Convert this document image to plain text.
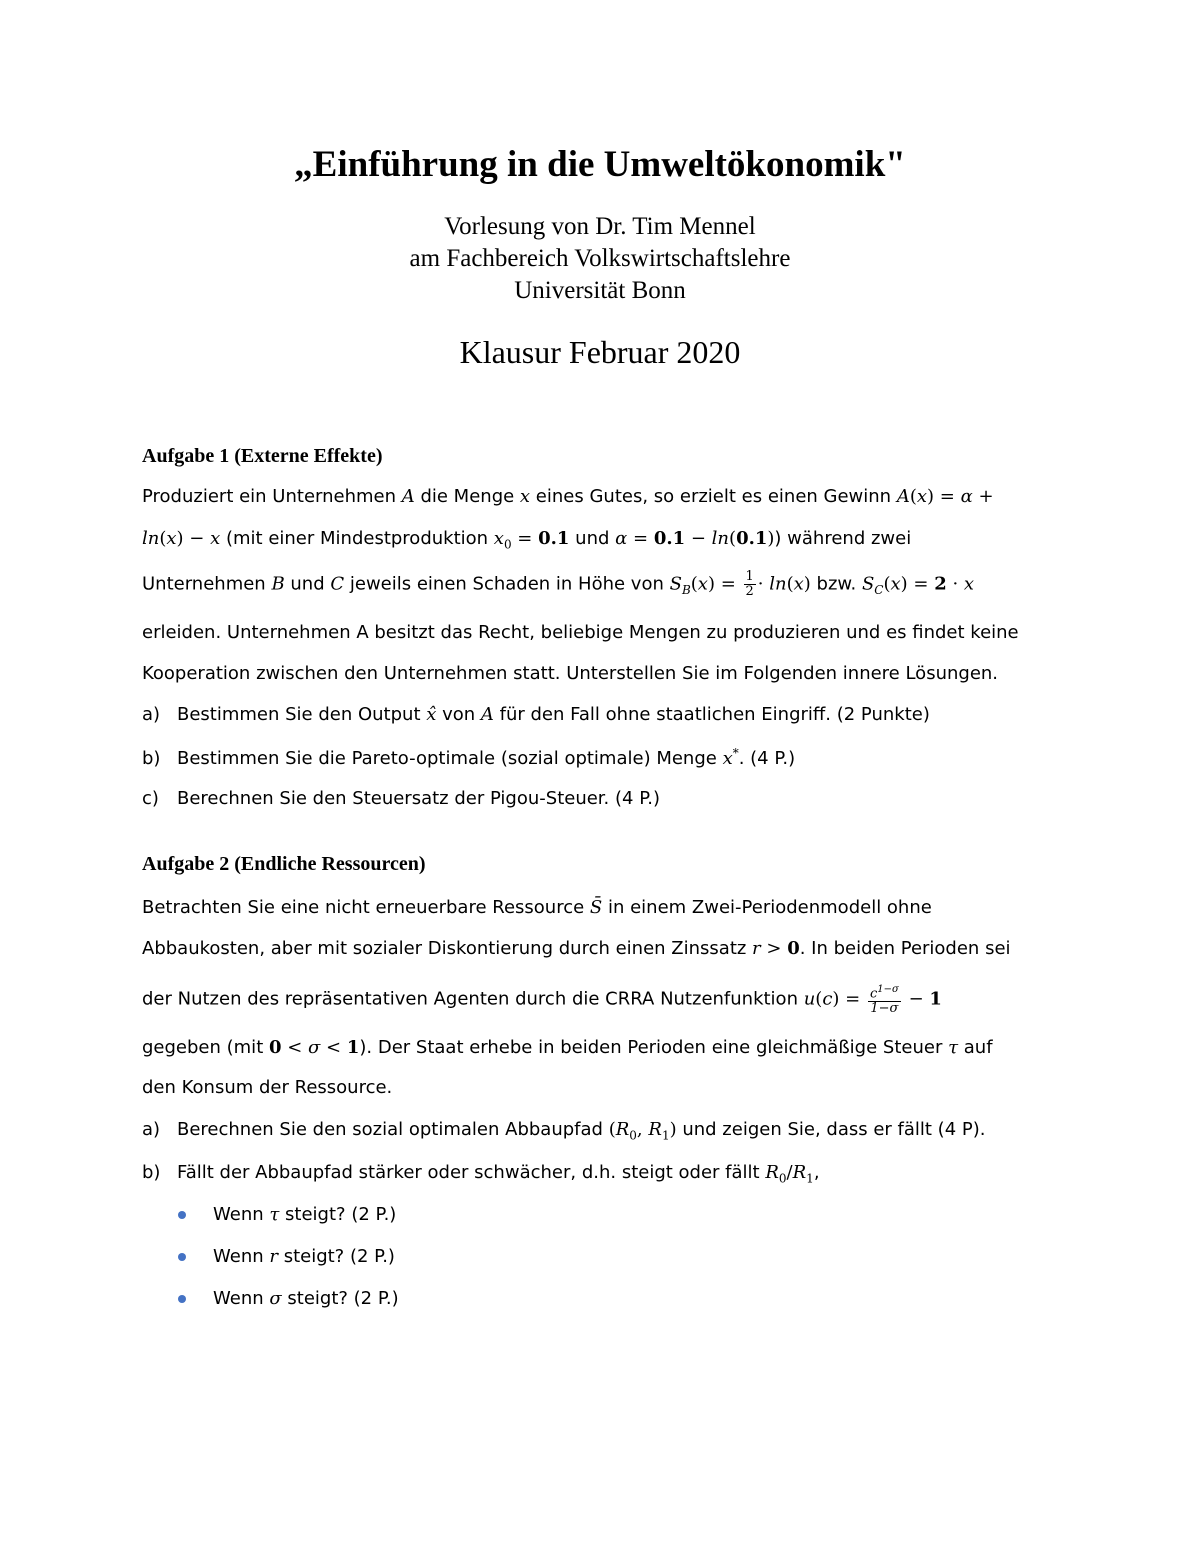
„Einführung in die Umweltökonomik"
Vorlesung von Dr. Tim Mennel
am Fachbereich Volkswirtschaftslehre
Universität Bonn
Klausur Februar 2020
Aufgabe 1 (Externe Effekte)
Produziert ein Unternehmen A die Menge x eines Gutes, so erzielt es einen Gewinn A(x) = α +
ln(x) − x (mit einer Mindestproduktion $x_0 = 0.1$ und α = 0.1 − ln(0.1)) während zwei
Unternehmen B und C jeweils einen Schaden in Höhe von $S_B(x) = \frac{1}{2} \cdot \ln(x)$ bzw. $S_C(x) = 2 \cdot x$
erleiden. Unternehmen A besitzt das Recht, beliebige Mengen zu produzieren und es findet keine
Kooperation zwischen den Unternehmen statt. Unterstellen Sie im Folgenden innere Lösungen.
a) Bestimmen Sie den Output x̂ von A für den Fall ohne staatlichen Eingriff. (2 Punkte)
b) Bestimmen Sie die Pareto-optimale (sozial optimale) Menge x*. (4 P.)
c) Berechnen Sie den Steuersatz der Pigou-Steuer. (4 P.)
Aufgabe 2 (Endliche Ressourcen)
Betrachten Sie eine nicht erneuerbare Ressource S̄ in einem Zwei-Periodenmodell ohne
Abbaukosten, aber mit sozialer Diskontierung durch einen Zinssatz r > 0. In beiden Perioden sei
der Nutzen des repräsentativen Agenten durch die CRRA Nutzenfunktion $u(c) = \frac{c^{1-\sigma}}{1-\sigma} - 1$
gegeben (mit 0 < σ < 1). Der Staat erhebe in beiden Perioden eine gleichmäßige Steuer τ auf
den Konsum der Ressource.
a) Berechnen Sie den sozial optimalen Abbaupfad ($R_0$, $R_1$) und zeigen Sie, dass er fällt (4 P).
b) Fällt der Abbaupfad stärker oder schwächer, d.h. steigt oder fällt $R_0/R_1$,
Wenn τ steigt? (2 P.)
Wenn r steigt? (2 P.)
Wenn σ steigt? (2 P.)
